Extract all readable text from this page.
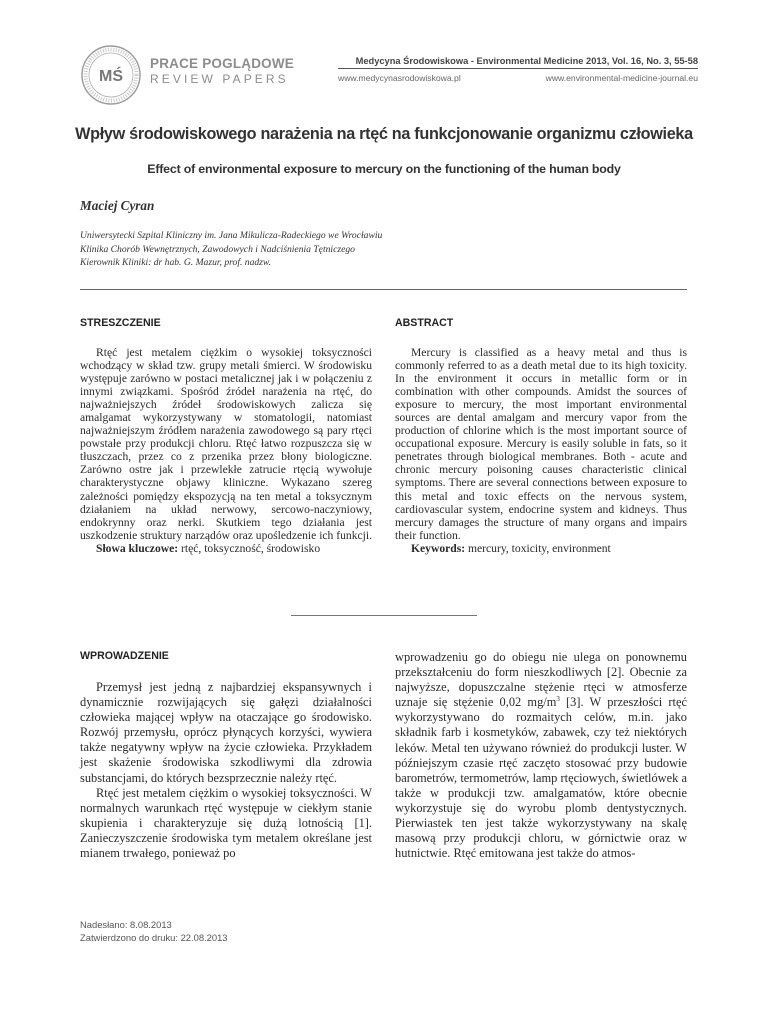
MŚ
PRACE POGLĄDOWE
REVIEW PAPERS
Medycyna Środowiskowa - Environmental Medicine 2013, Vol. 16, No. 3, 55-58
www.medycynasrodowiskowa.pl	www.environmental-medicine-journal.eu
Wpływ środowiskowego narażenia na rtęć na funkcjonowanie organizmu człowieka
Effect of environmental exposure to mercury on the functioning of the human body
Maciej Cyran
Uniwersytecki Szpital Kliniczny im. Jana Mikulicza-Radeckiego we Wrocławiu
Klinika Chorób Wewnętrznych, Zawodowych i Nadciśnienia Tętniczego
Kierownik Kliniki: dr hab. G. Mazur, prof. nadzw.
STRESZCZENIE

Rtęć jest metalem ciężkim o wysokiej toksyczności wchodzący w skład tzw. grupy metali śmierci. W środowisku występuje zarówno w postaci metalicznej jak i w połączeniu z innymi związkami. Spośród źródeł narażenia na rtęć, do najważniejszych źródeł środowiskowych zalicza się amalgamat wykorzystywany w stomatologii, natomiast najważniejszym źródłem narażenia zawodowego są pary rtęci powstałe przy produkcji chloru. Rtęć łatwo rozpuszcza się w tłuszczach, przez co z przenika przez błony biologiczne. Zarówno ostre jak i przewlekłe zatrucie rtęcią wywołuje charakterystyczne objawy kliniczne. Wykazano szereg zależności pomiędzy ekspozycją na ten metal a toksycznym działaniem na układ nerwowy, sercowo-naczyniowy, endokrynny oraz nerki. Skutkiem tego działania jest uszkodzenie struktury narządów oraz upośledzenie ich funkcji.

Słowa kluczowe: rtęć, toksyczność, środowisko

ABSTRACT

Mercury is classified as a heavy metal and thus is commonly referred to as a death metal due to its high toxicity. In the environment it occurs in metallic form or in combination with other compounds. Amidst the sources of exposure to mercury, the most important environmental sources are dental amalgam and mercury vapor from the production of chlorine which is the most important source of occupational exposure. Mercury is easily soluble in fats, so it penetrates through biological membranes. Both - acute and chronic mercury poisoning causes characteristic clinical symptoms. There are several connections between exposure to this metal and toxic effects on the nervous system, cardiovascular system, endocrine system and kidneys. Thus mercury damages the structure of many organs and impairs their function.

Keywords: mercury, toxicity, environment

WPROWADZENIE

Przemysł jest jedną z najbardziej ekspansywnych i dynamicznie rozwijających się gałęzi działalności człowieka mającej wpływ na otaczające go środowisko. Rozwój przemysłu, oprócz płynących korzyści, wywiera także negatywny wpływ na życie człowieka. Przykładem jest skażenie środowiska szkodliwymi dla zdrowia substancjami, do których bezsprzecznie należy rtęć.

Rtęć jest metalem ciężkim o wysokiej toksyczności. W normalnych warunkach rtęć występuje w ciekłym stanie skupienia i charakteryzuje się dużą lotnością [1]. Zanieczyszczenie środowiska tym metalem określane jest mianem trwałego, ponieważ po

wprowadzeniu go do obiegu nie ulega on ponownemu przekształceniu do form nieszkodliwych [2]. Obecnie za najwyższe, dopuszczalne stężenie rtęci w atmosferze uznaje się stężenie 0,02 $mg/m^3$ [3]. W przeszłości rtęć wykorzystywano do rozmaitych celów, m.in. jako składnik farb i kosmetyków, zabawek, czy też niektórych leków. Metal ten używano również do produkcji luster. W późniejszym czasie rtęć zaczęto stosować przy budowie barometrów, termometrów, lamp rtęciowych, świetlówek a także w produkcji tzw. amalgamatów, które obecnie wykorzystuje się do wyrobu plomb dentystycznych. Pierwiastek ten jest także wykorzystywany na skalę masową przy produkcji chloru, w górnictwie oraz w hutnictwie. Rtęć emitowana jest także do atmos-

Nadesłano: 8.08.2013
Zatwierdzono do druku: 22.08.2013
